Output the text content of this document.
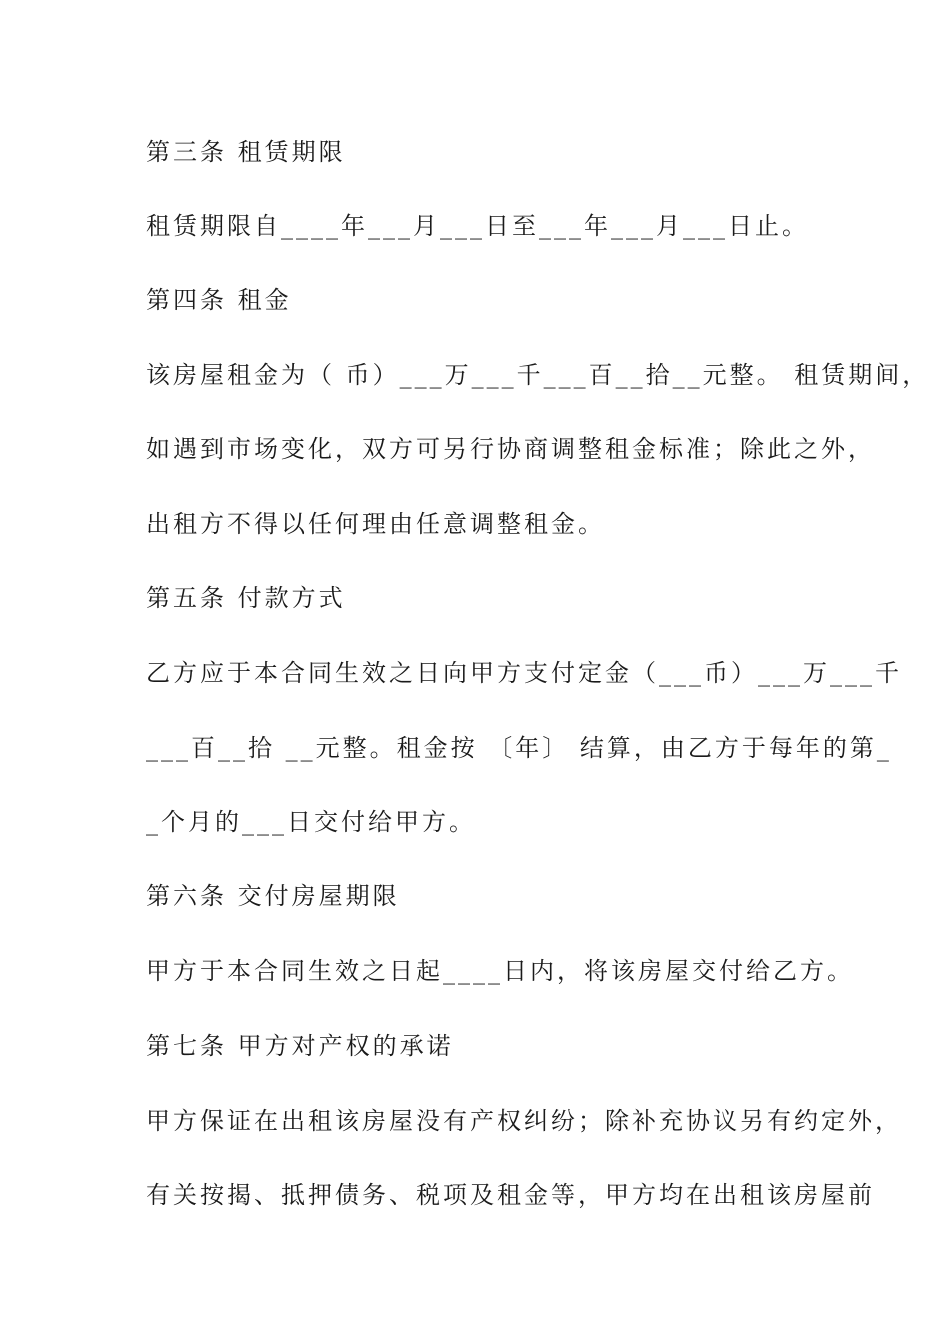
第三条 租赁期限
租赁期限自____年___月___日至___年___月___日止。
第四条 租金
该房屋租金为（ 币）___万___千___百__拾__元整。 租赁期间，
如遇到市场变化，双方可另行协商调整租金标准；除此之外，
出租方不得以任何理由任意调整租金。
第五条 付款方式
乙方应于本合同生效之日向甲方支付定金（___币）___万___千
___百__拾 __元整。租金按 〔年〕 结算，由乙方于每年的第_
_个月的___日交付给甲方。
第六条 交付房屋期限
甲方于本合同生效之日起____日内，将该房屋交付给乙方。
第七条 甲方对产权的承诺
甲方保证在出租该房屋没有产权纠纷；除补充协议另有约定外，
有关按揭、抵押债务、税项及租金等，甲方均在出租该房屋前
